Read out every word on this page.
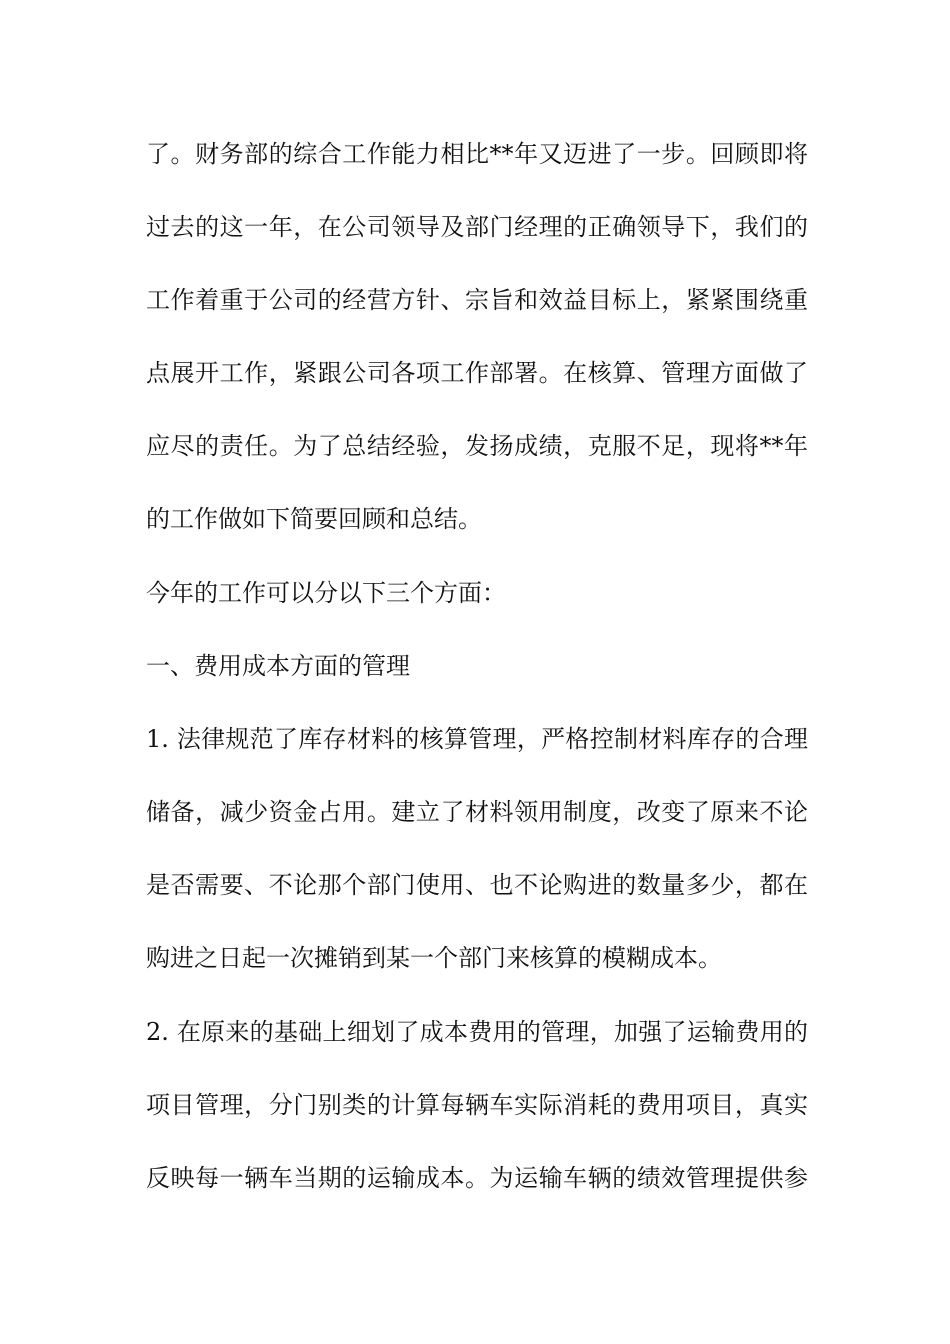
了。财务部的综合工作能力相比**年又迈进了一步。回顾即将

过去的这一年，在公司领导及部门经理的正确领导下，我们的

工作着重于公司的经营方针、宗旨和效益目标上，紧紧围绕重

点展开工作，紧跟公司各项工作部署。在核算、管理方面做了

应尽的责任。为了总结经验，发扬成绩，克服不足，现将**年

的工作做如下简要回顾和总结。

今年的工作可以分以下三个方面：

一、费用成本方面的管理

1. 法律规范了库存材料的核算管理，严格控制材料库存的合理

储备，减少资金占用。建立了材料领用制度，改变了原来不论

是否需要、不论那个部门使用、也不论购进的数量多少，都在

购进之日起一次摊销到某一个部门来核算的模糊成本。

2. 在原来的基础上细划了成本费用的管理，加强了运输费用的

项目管理，分门别类的计算每辆车实际消耗的费用项目，真实

反映每一辆车当期的运输成本。为运输车辆的绩效管理提供参
